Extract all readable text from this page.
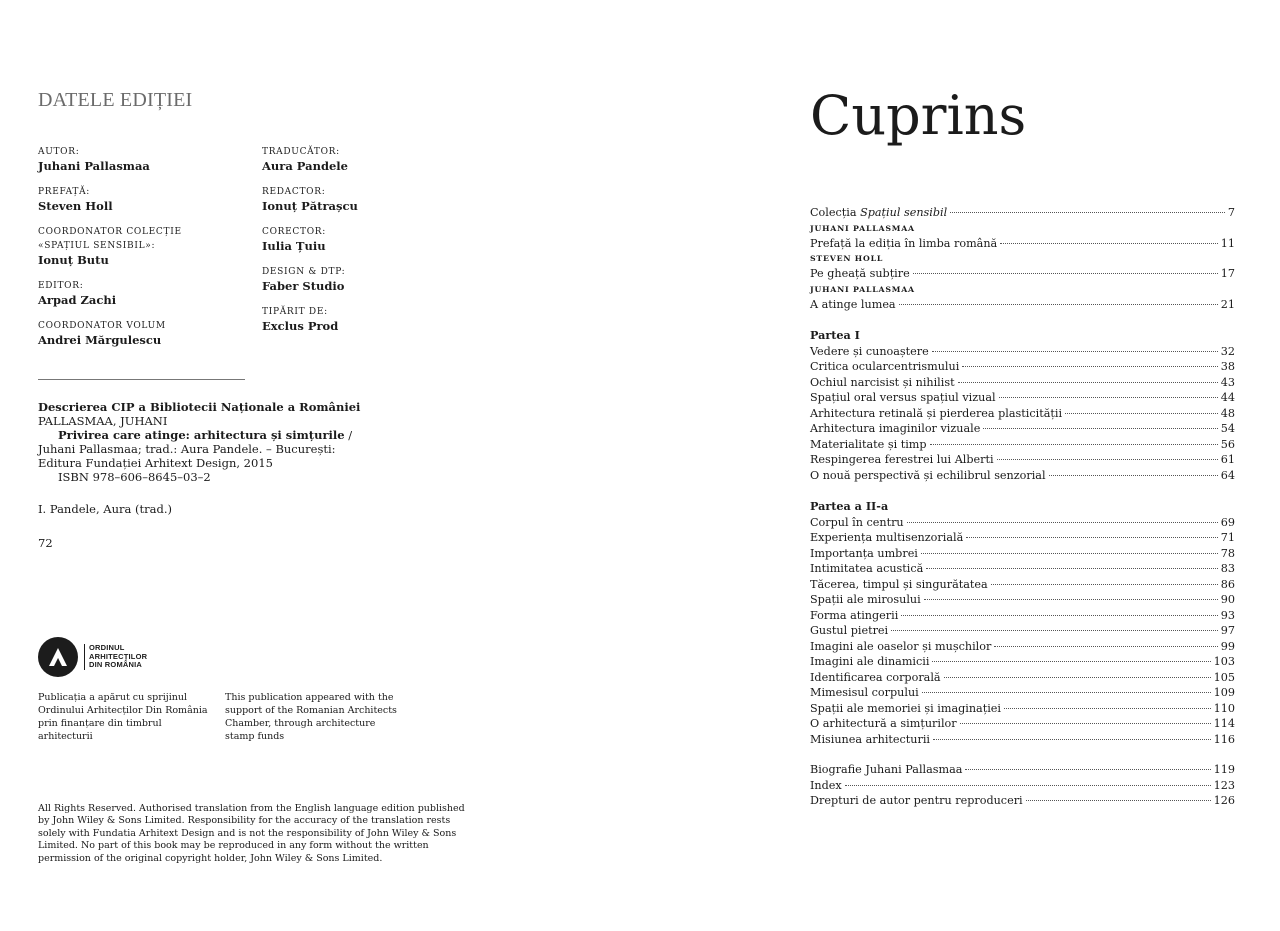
DATELE EDIȚIEI
AUTOR:
Juhani Pallasmaa
PREFAȚĂ:
Steven Holl
COORDONATOR COLECȚIE «SPAȚIUL SENSIBIL»:
Ionuț Butu
EDITOR:
Arpad Zachi
COORDONATOR VOLUM
Andrei Mărgulescu
TRADUCĂTOR:
Aura Pandele
REDACTOR:
Ionuț Pătrașcu
CORECTOR:
Iulia Țuiu
DESIGN & DTP:
Faber Studio
TIPĂRIT DE:
Exclus Prod
Descrierea CIP a Bibliotecii Naționale a României
PALLASMAA, JUHANI
Privirea care atinge: arhitectura și simțurile /
Juhani Pallasmaa; trad.: Aura Pandele. – București:
Editura Fundației Arhitext Design, 2015
ISBN 978–606–8645–03–2
I. Pandele, Aura (trad.)
72
ORDINUL
ARHITECȚILOR
DIN ROMÂNIA
Publicația a apărut cu sprijinul Ordinului Arhitecților Din România prin finanțare din timbrul arhitecturii
This publication appeared with the support of the Romanian Architects Chamber, through architecture stamp funds
All Rights Reserved. Authorised translation from the English language edition published by John Wiley & Sons Limited. Responsibility for the accuracy of the translation rests solely with Fundatia Arhitext Design and is not the responsibility of John Wiley & Sons Limited. No part of this book may be reproduced in any form without the written permission of the original copyright holder, John Wiley & Sons Limited.
Cuprins
Colecția Spațiul sensibil	7
JUHANI PALLASMAA
Prefață la ediția în limba română	11
STEVEN HOLL
Pe gheață subțire	17
JUHANI PALLASMAA
A atinge lumea	21
Partea I
Vedere și cunoaștere	32
Critica ocularcentrismului	38
Ochiul narcisist și nihilist	43
Spațiul oral versus spațiul vizual	44
Arhitectura retinală și pierderea plasticității	48
Arhitectura imaginilor vizuale	54
Materialitate și timp	56
Respingerea ferestrei lui Alberti	61
O nouă perspectivă și echilibrul senzorial	64
Partea a II-a
Corpul în centru	69
Experiența multisenzorială	71
Importanța umbrei	78
Intimitatea acustică	83
Tăcerea, timpul și singurătatea	86
Spații ale mirosului	90
Forma atingerii	93
Gustul pietrei	97
Imagini ale oaselor și mușchilor	99
Imagini ale dinamicii	103
Identificarea corporală	105
Mimesisul corpului	109
Spații ale memoriei și imaginației	110
O arhitectură a simțurilor	114
Misiunea arhitecturii	116
Biografie Juhani Pallasmaa	119
Index	123
Drepturi de autor pentru reproduceri	126
